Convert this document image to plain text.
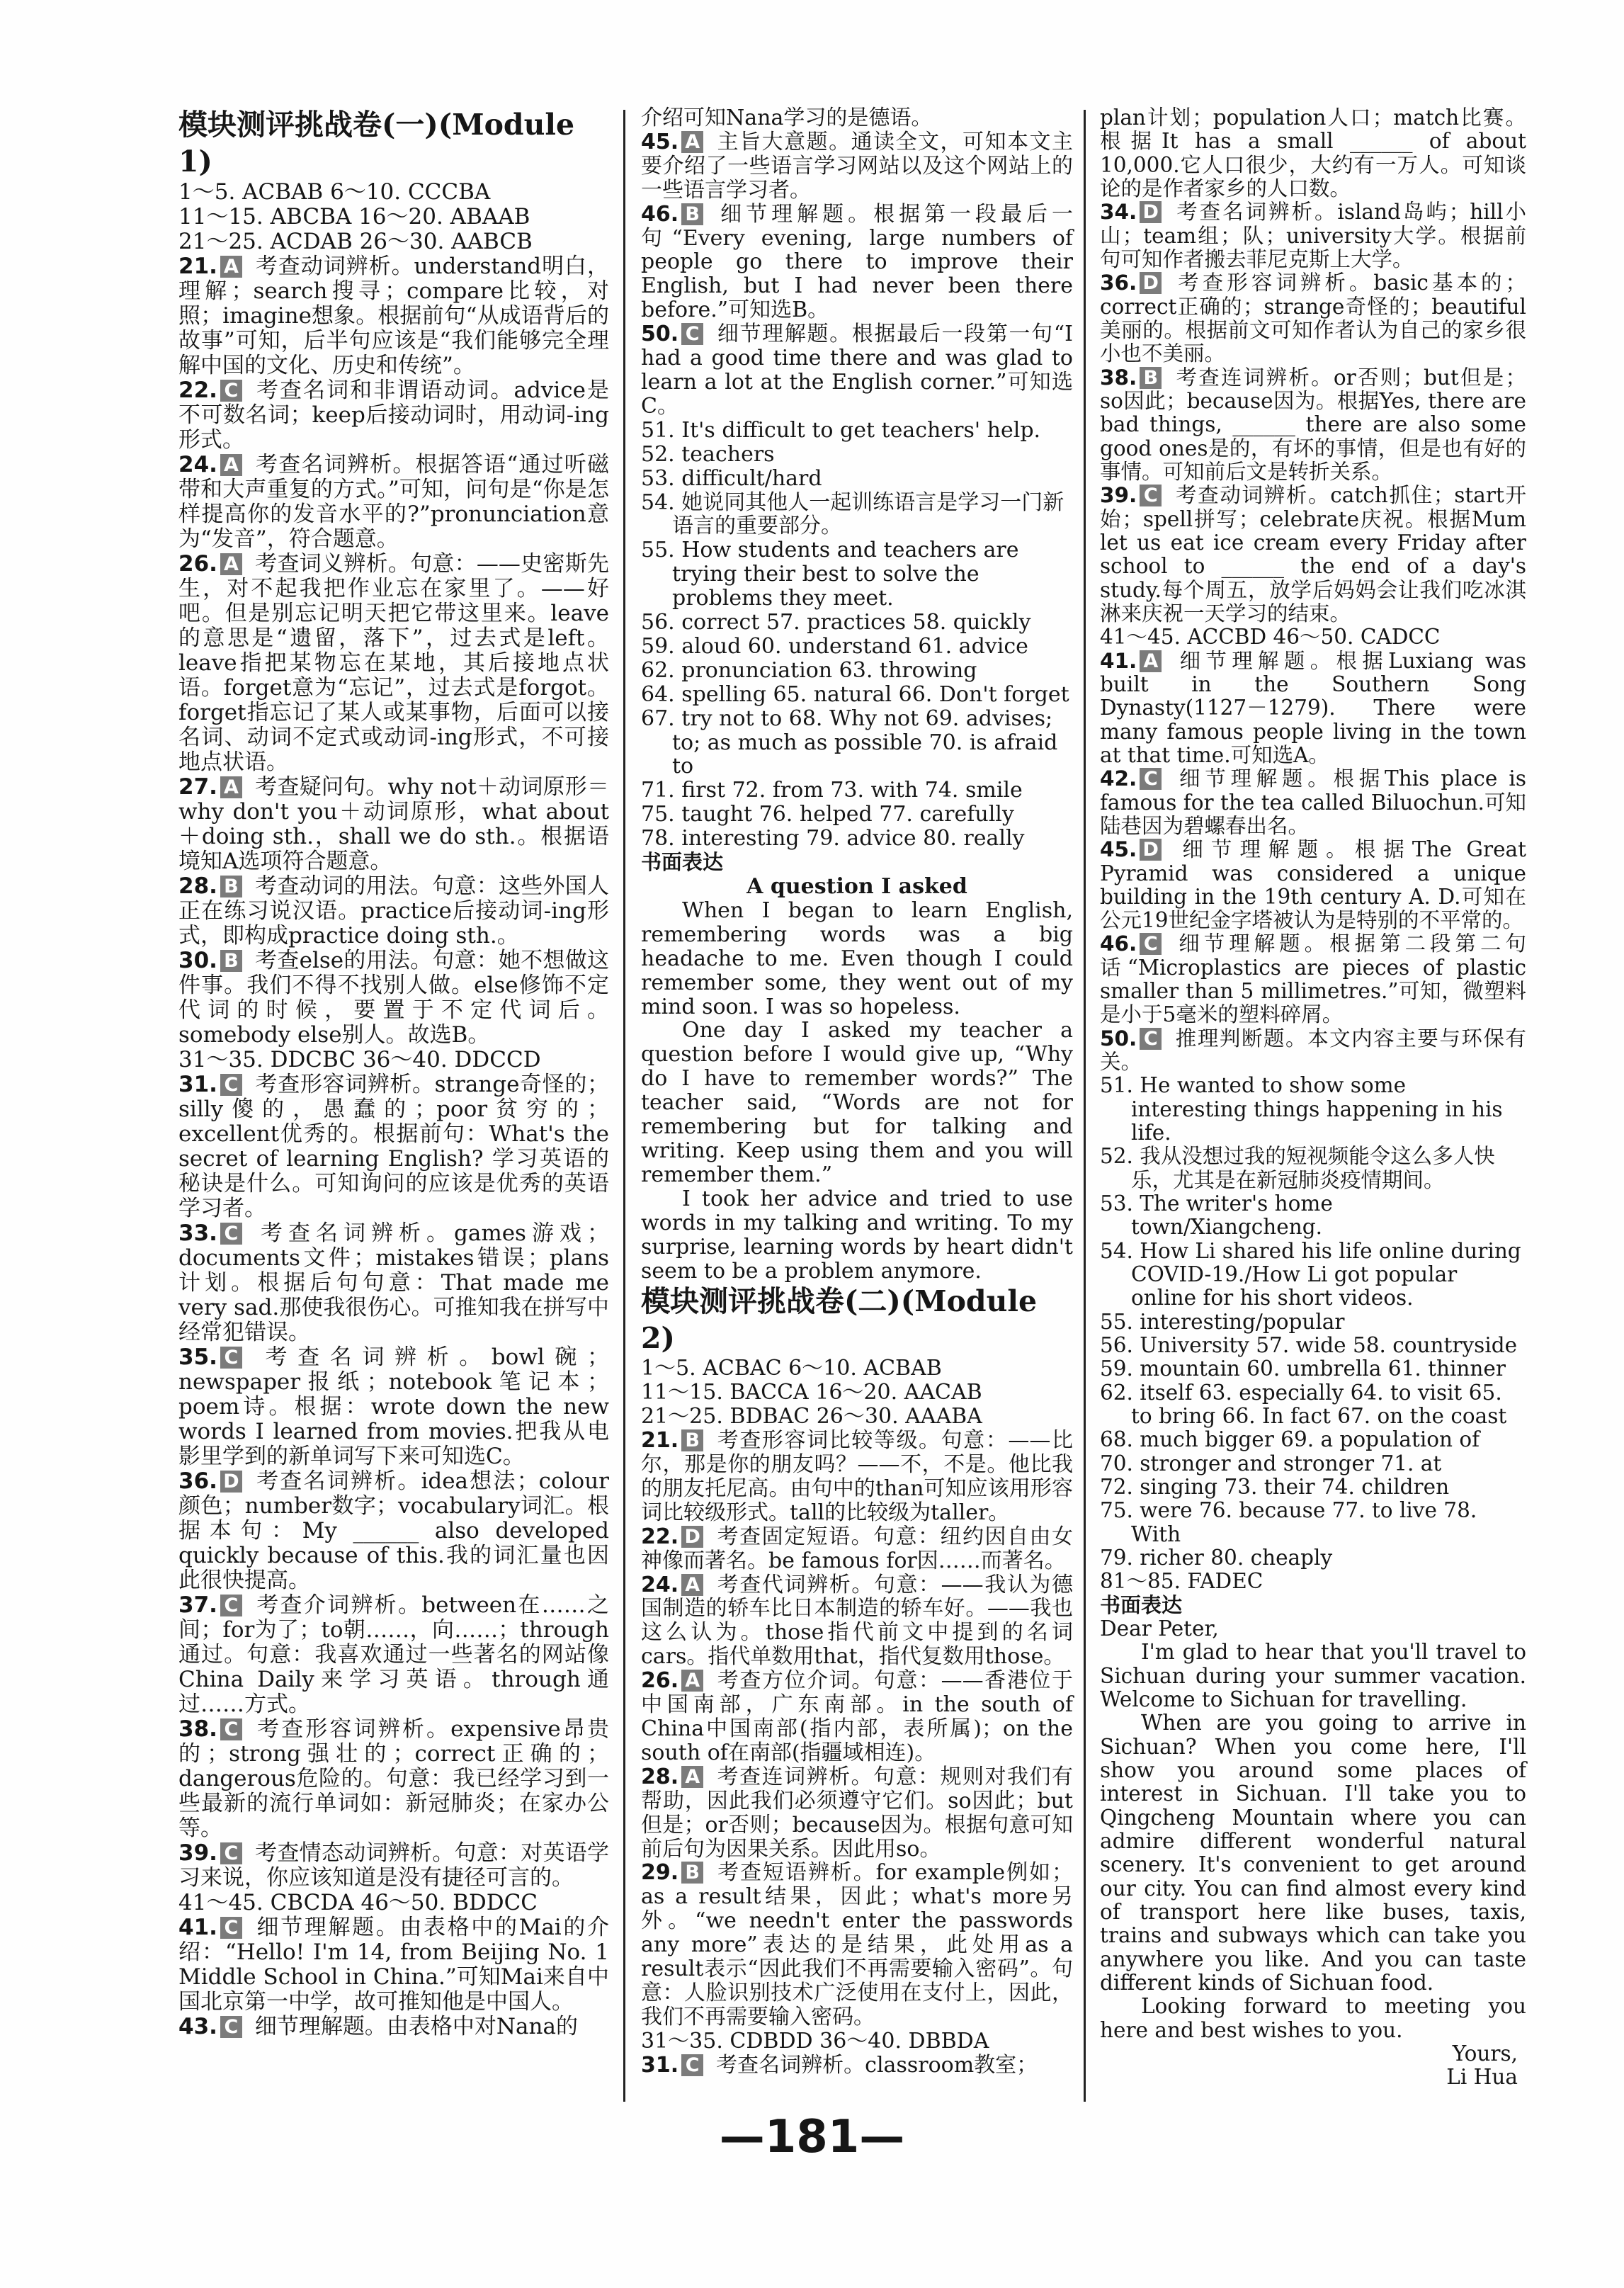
模块测评挑战卷(一)(Module 1)

1～5. ACBAB 6～10. CCCBA

11～15. ABCBA 16～20. ABAAB

21～25. ACDAB 26～30. AABCB

21. A 考查动词辨析。understand明白，理解；search搜寻；compare比较，对照；imagine想象。根据前句“从成语背后的故事”可知，后半句应该是“我们能够完全理解中国的文化、历史和传统”。

22. C 考查名词和非谓语动词。advice是不可数名词；keep后接动词时，用动词-ing形式。

24. A 考查名词辨析。根据答语“通过听磁带和大声重复的方式。”可知，问句是“你是怎样提高你的发音水平的?”pronunciation意为“发音”，符合题意。

26. A 考查词义辨析。句意：——史密斯先生，对不起我把作业忘在家里了。——好吧。但是别忘记明天把它带这里来。leave的意思是“遗留，落下”，过去式是left。leave指把某物忘在某地，其后接地点状语。forget意为“忘记”，过去式是forgot。forget指忘记了某人或某事物，后面可以接名词、动词不定式或动词-ing形式，不可接地点状语。

27. A 考查疑问句。why not＋动词原形＝why don't you＋动词原形，what about＋doing sth.，shall we do sth.。根据语境知A选项符合题意。

28. B 考查动词的用法。句意：这些外国人正在练习说汉语。practice后接动词-ing形式，即构成practice doing sth.。

30. B 考查else的用法。句意：她不想做这件事。我们不得不找别人做。else修饰不定代词的时候，要置于不定代词后。somebody else别人。故选B。

31～35. DDCBC 36～40. DDCCD

31. C 考查形容词辨析。strange奇怪的；silly傻的，愚蠢的；poor贫穷的；excellent优秀的。根据前句：What's the secret of learning English? 学习英语的秘诀是什么。可知询问的应该是优秀的英语学习者。

33. C 考查名词辨析。games游戏；documents文件；mistakes错误；plans计划。根据后句句意：That made me very sad.那使我很伤心。可推知我在拼写中经常犯错误。

35. C 考查名词辨析。bowl碗；newspaper报纸；notebook笔记本；poem诗。根据：wrote down the new words I learned from movies.把我从电影里学到的新单词写下来可知选C。

36. D 考查名词辨析。idea想法；colour颜色；number数字；vocabulary词汇。根据本句：My ______ also developed quickly because of this.我的词汇量也因此很快提高。

37. C 考查介词辨析。between在……之间；for为了；to朝……，向……；through通过。句意：我喜欢通过一些著名的网站像China Daily来学习英语。through通过……方式。

38. C 考查形容词辨析。expensive昂贵的；strong强壮的；correct正确的；dangerous危险的。句意：我已经学习到一些最新的流行单词如：新冠肺炎；在家办公等。

39. C 考查情态动词辨析。句意：对英语学习来说，你应该知道是没有捷径可言的。

41～45. CBCDA 46～50. BDDCC

41. C 细节理解题。由表格中的Mai的介绍：“Hello! I'm 14, from Beijing No. 1 Middle School in China.”可知Mai来自中国北京第一中学，故可推知他是中国人。

43. C 细节理解题。由表格中对Nana的

介绍可知Nana学习的是德语。

45. A 主旨大意题。通读全文，可知本文主要介绍了一些语言学习网站以及这个网站上的一些语言学习者。

46. B 细节理解题。根据第一段最后一句“Every evening, large numbers of people go there to improve their English, but I had never been there before.”可知选B。

50. C 细节理解题。根据最后一段第一句“I had a good time there and was glad to learn a lot at the English corner.”可知选C。

51. It's difficult to get teachers' help.

52. teachers

53. difficult/hard

54. 她说同其他人一起训练语言是学习一门新语言的重要部分。

55. How students and teachers are trying their best to solve the problems they meet.

56. correct 57. practices 58. quickly

59. aloud 60. understand 61. advice

62. pronunciation 63. throwing

64. spelling 65. natural 66. Don't forget

67. try not to 68. Why not 69. advises; to; as much as possible 70. is afraid to

71. first 72. from 73. with 74. smile

75. taught 76. helped 77. carefully

78. interesting 79. advice 80. really

书面表达

A question I asked

When I began to learn English, remembering words was a big headache to me. Even though I could remember some, they went out of my mind soon. I was so hopeless.

One day I asked my teacher a question before I would give up, “Why do I have to remember words?” The teacher said, “Words are not for remembering but for talking and writing. Keep using them and you will remember them.”

I took her advice and tried to use words in my talking and writing. To my surprise, learning words by heart didn't seem to be a problem anymore.

模块测评挑战卷(二)(Module 2)

1～5. ACBAC 6～10. ACBAB

11～15. BACCA 16～20. AACAB

21～25. BDBAC 26～30. AAABA

21. B 考查形容词比较等级。句意：——比尔，那是你的朋友吗？——不，不是。他比我的朋友托尼高。由句中的than可知应该用形容词比较级形式。tall的比较级为taller。

22. D 考查固定短语。句意：纽约因自由女神像而著名。be famous for因……而著名。

24. A 考查代词辨析。句意：——我认为德国制造的轿车比日本制造的轿车好。——我也这么认为。those指代前文中提到的名词cars。指代单数用that，指代复数用those。

26. A 考查方位介词。句意：——香港位于中国南部，广东南部。in the south of China中国南部(指内部，表所属)；on the south of在南部(指疆域相连)。

28. A 考查连词辨析。句意：规则对我们有帮助，因此我们必须遵守它们。so因此；but但是；or否则；because因为。根据句意可知前后句为因果关系。因此用so。

29. B 考查短语辨析。for example例如；as a result结果，因此；what's more另外。“we needn't enter the passwords any more”表达的是结果，此处用as a result表示“因此我们不再需要输入密码”。句意：人脸识别技术广泛使用在支付上，因此，我们不再需要输入密码。

31～35. CDBDD 36～40. DBBDA

31. C 考查名词辨析。classroom教室；

plan计划；population人口；match比赛。根据It has a small ______ of about 10,000.它人口很少，大约有一万人。可知谈论的是作者家乡的人口数。

34. D 考查名词辨析。island岛屿；hill小山；team组；队；university大学。根据前句可知作者搬去菲尼克斯上大学。

36. D 考查形容词辨析。basic基本的；correct正确的；strange奇怪的；beautiful美丽的。根据前文可知作者认为自己的家乡很小也不美丽。

38. B 考查连词辨析。or否则；but但是；so因此；because因为。根据Yes, there are bad things, ______ there are also some good ones是的，有坏的事情，但是也有好的事情。可知前后文是转折关系。

39. C 考查动词辨析。catch抓住；start开始；spell拼写；celebrate庆祝。根据Mum let us eat ice cream every Friday after school to ______ the end of a day's study.每个周五，放学后妈妈会让我们吃冰淇淋来庆祝一天学习的结束。

41～45. ACCBD 46～50. CADCC

41. A 细节理解题。根据Luxiang was built in the Southern Song Dynasty(1127－1279). There were many famous people living in the town at that time.可知选A。

42. C 细节理解题。根据This place is famous for the tea called Biluochun.可知陆巷因为碧螺春出名。

45. D 细节理解题。根据The Great Pyramid was considered a unique building in the 19th century A. D.可知在公元19世纪金字塔被认为是特别的不平常的。

46. C 细节理解题。根据第二段第二句话“Microplastics are pieces of plastic smaller than 5 millimetres.”可知，微塑料是小于5毫米的塑料碎屑。

50. C 推理判断题。本文内容主要与环保有关。

51. He wanted to show some interesting things happening in his life.

52. 我从没想过我的短视频能令这么多人快乐，尤其是在新冠肺炎疫情期间。

53. The writer's home town/Xiangcheng.

54. How Li shared his life online during COVID-19./How Li got popular online for his short videos.

55. interesting/popular

56. University 57. wide 58. countryside

59. mountain 60. umbrella 61. thinner

62. itself 63. especially 64. to visit 65. to bring 66. In fact 67. on the coast

68. much bigger 69. a population of

70. stronger and stronger 71. at

72. singing 73. their 74. children

75. were 76. because 77. to live 78. With

79. richer 80. cheaply

81～85. FADEC

书面表达

Dear Peter,

I'm glad to hear that you'll travel to Sichuan during your summer vacation. Welcome to Sichuan for travelling.

When are you going to arrive in Sichuan? When you come here, I'll show you around some places of interest in Sichuan. I'll take you to Qingcheng Mountain where you can admire different wonderful natural scenery. It's convenient to get around our city. You can find almost every kind of transport here like buses, taxis, trains and subways which can take you anywhere you like. And you can taste different kinds of Sichuan food.

Looking forward to meeting you here and best wishes to you.

Yours,

Li Hua

—181—
